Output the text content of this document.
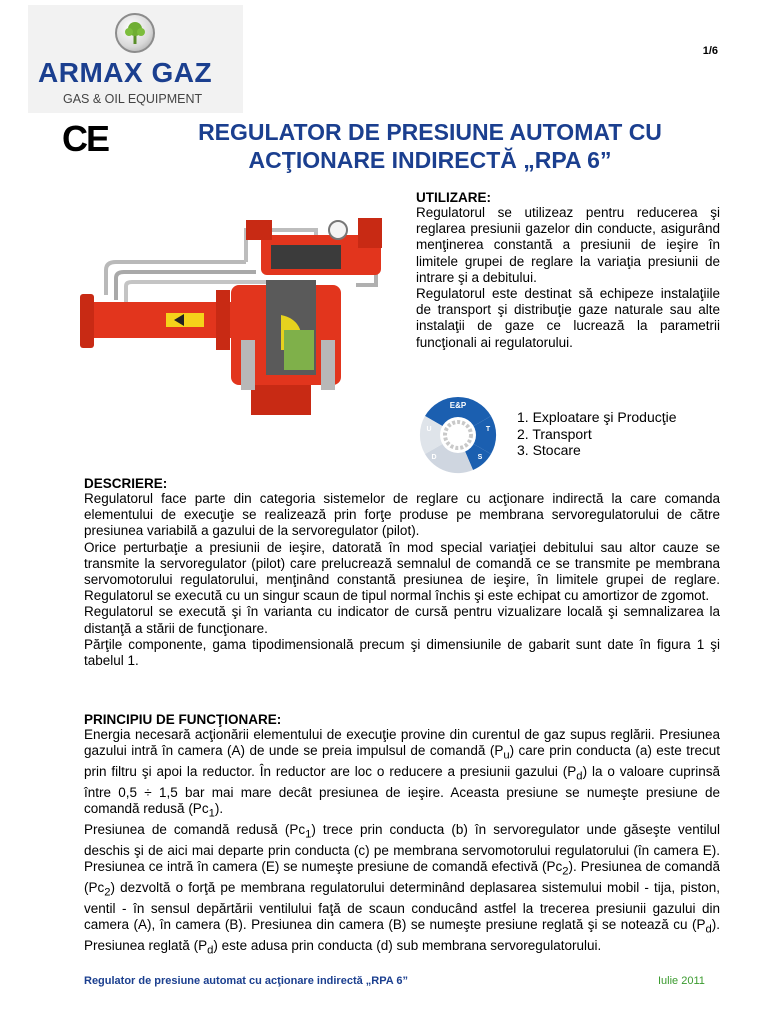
ARMAX GAZ
GAS & OIL EQUIPMENT
1/6
CE	REGULATOR DE PRESIUNE AUTOMAT CU
ACŢIONARE INDIRECTĂ „RPA 6”
UTILIZARE:

Regulatorul se utilizeaz pentru reducerea şi reglarea presiunii gazelor din conducte, asigurând menţinerea constantă a presiunii de ieşire în limitele grupei de reglare la variaţia presiunii de intrare şi a debitului.

Regulatorul este destinat să echipeze instalaţiile de transport şi distribuţie gaze naturale sau alte instalaţii de gaze ce lucrează la parametrii funcţionali ai regulatorului.

E&P
T
S
D
U
1. Exploatare şi Producţie
2. Transport
3. Stocare
DESCRIERE:

Regulatorul face parte din categoria sistemelor de reglare cu acţionare indirectă la care comanda elementului de execuţie se realizează prin forţe produse pe membrana servoregulatorului de către presiunea variabilă a gazului de la servoregulator (pilot).

Orice perturbaţie a presiunii de ieşire, datorată în mod special variaţiei debitului sau altor cauze se transmite la servoregulator (pilot) care prelucrează semnalul de comandă ce se transmite pe membrana servomotorului regulatorului, menţinând constantă presiunea de ieşire, în limitele grupei de reglare. Regulatorul se execută cu un singur scaun de tipul normal închis şi este echipat cu amortizor de zgomot.

Regulatorul se execută şi în varianta cu indicator de cursă pentru vizualizare locală şi semnalizarea la distanţă a stării de funcţionare.

Părţile componente, gama tipodimensională precum şi dimensiunile de gabarit sunt date în figura 1 şi tabelul 1.

PRINCIPIU DE FUNCŢIONARE:

Energia necesară acţionării elementului de execuţie provine din curentul de gaz supus reglării. Presiunea gazului intră în camera (A) de unde se preia impulsul de comandă $(P_u)$ care prin conducta (a) este trecut prin filtru şi apoi la reductor. În reductor are loc o reducere a presiunii gazului $(P_d)$ la o valoare cuprinsă între 0,5 ÷ 1,5 bar mai mare decât presiunea de ieşire. Aceasta presiune se numeşte presiune de comandă redusă $(Pc_1)$.

Presiunea de comandă redusă $(Pc_1)$ trece prin conducta (b) în servoregulator unde găseşte ventilul deschis şi de aici mai departe prin conducta (c) pe membrana servomotorului regulatorului (în camera E). Presiunea ce intră în camera (E) se numeşte presiune de comandă efectivă $(Pc_2)$. Presiunea de comandă $(Pc_2)$ dezvoltă o forţă pe membrana regulatorului determinând deplasarea sistemului mobil - tija, piston, ventil - în sensul depărtării ventilului faţă de scaun conducând astfel la trecerea presiunii gazului din camera (A), în camera (B). Presiunea din camera (B) se numeşte presiune reglată şi se notează cu $(P_d)$. Presiunea reglată $(P_d)$ este adusa prin conducta (d) sub membrana servoregulatorului.

Regulator de presiune automat cu acţionare indirectă „RPA 6”	Iulie 2011
